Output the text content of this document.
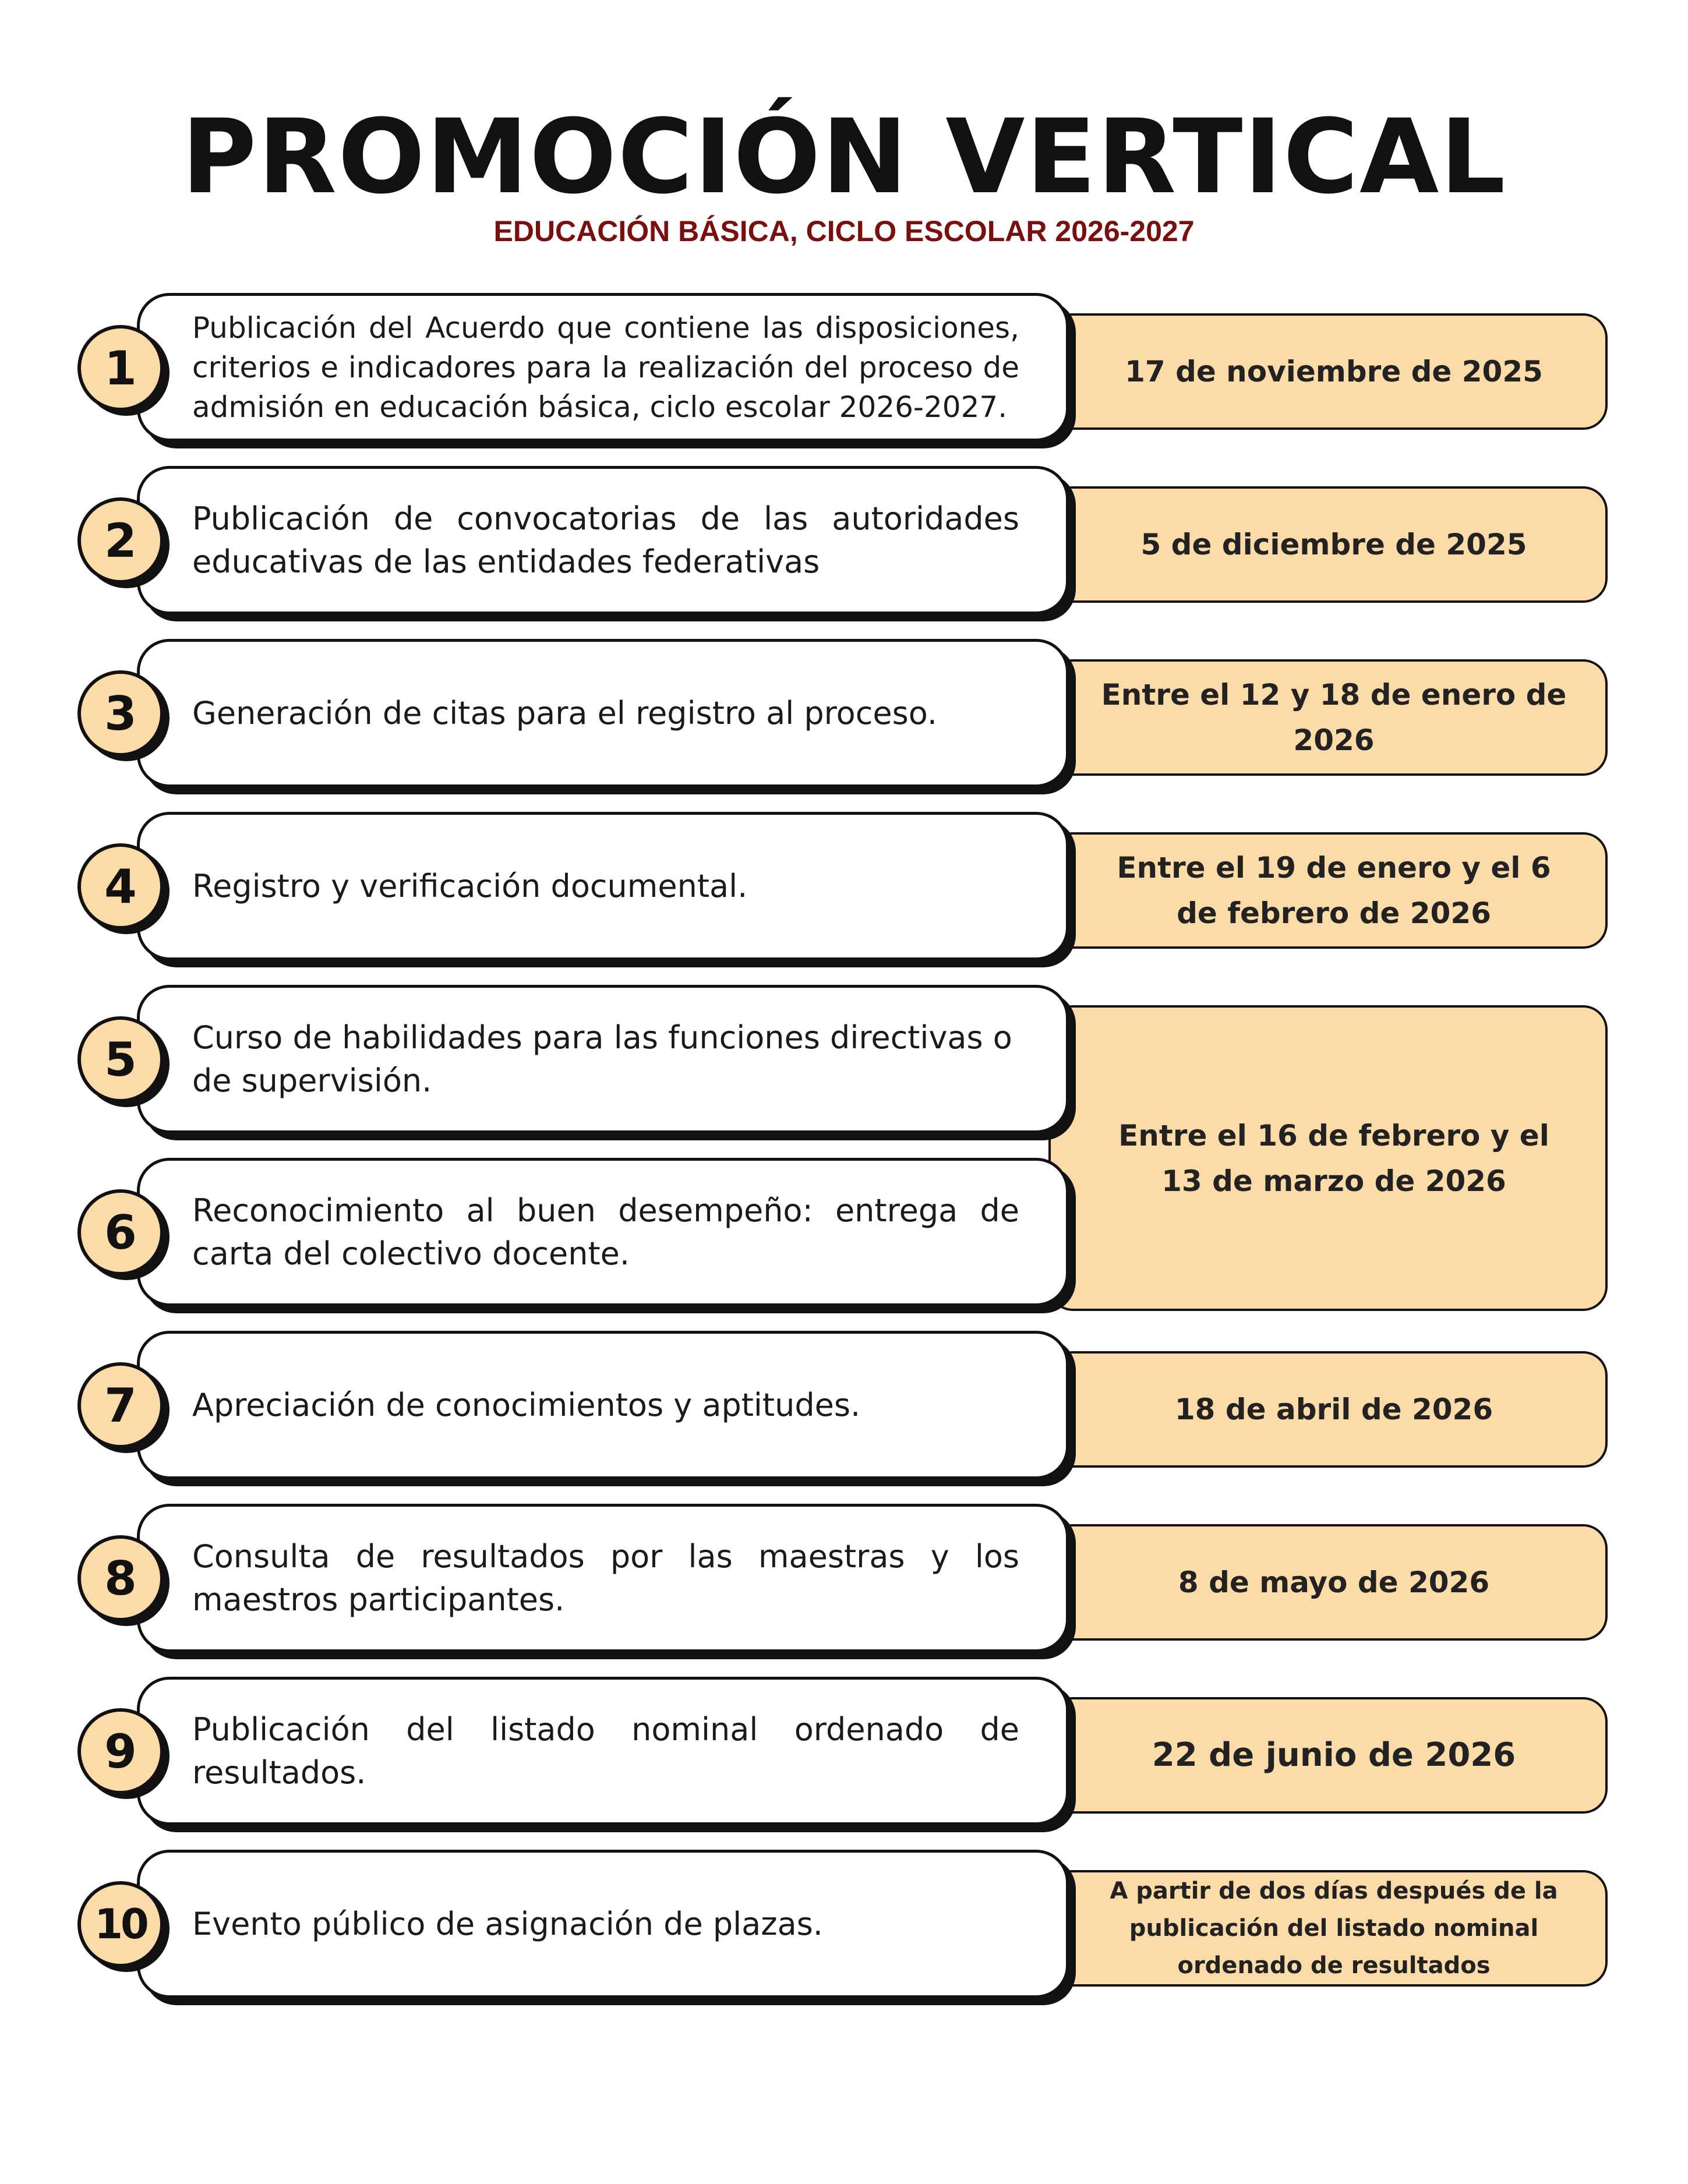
PROMOCIÓN VERTICAL
EDUCACIÓN BÁSICA, CICLO ESCOLAR 2026-2027
17 de noviembre de 2025
Publicación del Acuerdo que contiene las disposiciones, criterios e indicadores para la realización del proceso de admisión en educación básica, ciclo escolar 2026-2027.
1
5 de diciembre de 2025
Publicación de convocatorias de las autoridades educativas de las entidades federativas
2
Entre el 12 y 18 de enero de 2026
Generación de citas para el registro al proceso.
3
Entre el 19 de enero y el 6 de febrero de 2026
Registro y verificación documental.
4
Entre el 16 de febrero y el 13 de marzo de 2026
Curso de habilidades para las funciones directivas o de supervisión.
5
Reconocimiento al buen desempeño: entrega de carta del colectivo docente.
6
18 de abril de 2026
Apreciación de conocimientos y aptitudes.
7
8 de mayo de 2026
Consulta de resultados por las maestras y los maestros participantes.
8
22 de junio de 2026
Publicación del listado nominal ordenado de resultados.
9
A partir de dos días después de la publicación del listado nominal ordenado de resultados
Evento público de asignación de plazas.
10
